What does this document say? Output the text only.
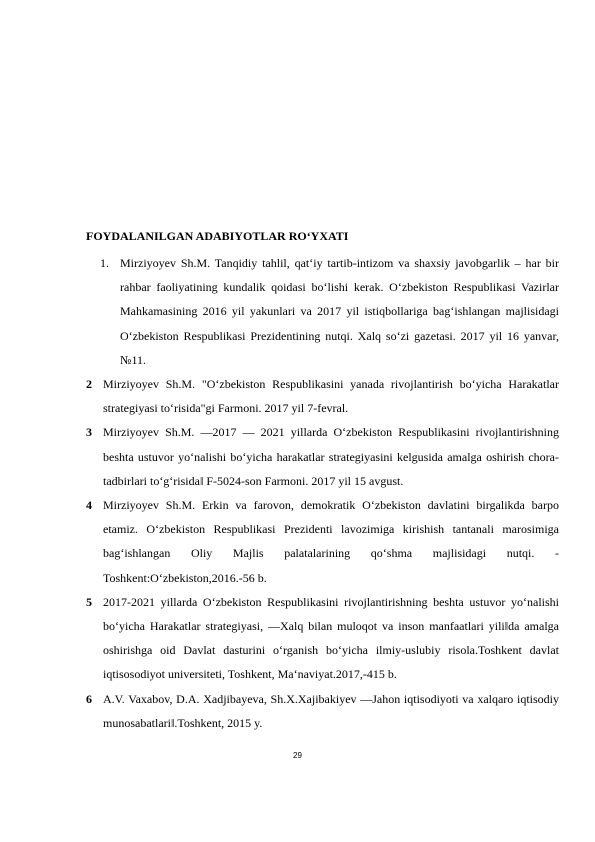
FOYDALANILGAN ADABIYOTLAR RO‘YXATI
1. Mirziyoyev Sh.M. Tanqidiy tahlil, qat‘iy tartib-intizom va shaxsiy javobgarlik – har bir rahbar faoliyatining kundalik qoidasi bo‘lishi kerak. O‘zbekiston Respublikasi Vazirlar Mahkamasining 2016 yil yakunlari va 2017 yil istiqbollariga bag‘ishlangan majlisidagi O‘zbekiston Respublikasi Prezidentining nutqi. Xalq so‘zi gazetasi. 2017 yil 16 yanvar, №11.
2 Mirziyoyev Sh.M. "O‘zbekiston Respublikasini yanada rivojlantirish bo‘yicha Harakatlar strategiyasi to‘risida"gi Farmoni. 2017 yil 7-fevral.
3 Mirziyoyev Sh.M. ―2017 — 2021 yillarda O‘zbekiston Respublikasini rivojlantirishning beshta ustuvor yo‘nalishi bo‘yicha harakatlar strategiyasini kelgusida amalga oshirish chora-tadbirlari to‘g‘risida‖ F-5024-son Farmoni. 2017 yil 15 avgust.
4 Mirziyoyev Sh.M. Erkin va farovon, demokratik O‘zbekiston davlatini birgalikda barpo etamiz. O‘zbekiston Respublikasi Prezidenti lavozimiga kirishish tantanali marosimiga bag‘ishlangan Oliy Majlis palatalarining qo‘shma majlisidagi nutqi. - Toshkent:O‘zbekiston,2016.-56 b.
5 2017-2021 yillarda O‘zbekiston Respublikasini rivojlantirishning beshta ustuvor yo‘nalishi bo‘yicha Harakatlar strategiyasi, ―Xalq bilan muloqot va inson manfaatlari yili‖da amalga oshirishga oid Davlat dasturini o‘rganish bo‘yicha ilmiy-uslubiy risola.Toshkent davlat iqtisosodiyot universiteti, Toshkent, Ma‘naviyat.2017,-415 b.
6 A.V. Vaxabov, D.A. Xadjibayeva, Sh.X.Xajibakiyev ―Jahon iqtisodiyoti va xalqaro iqtisodiy munosabatlari‖.Toshkent, 2015 y.
29
